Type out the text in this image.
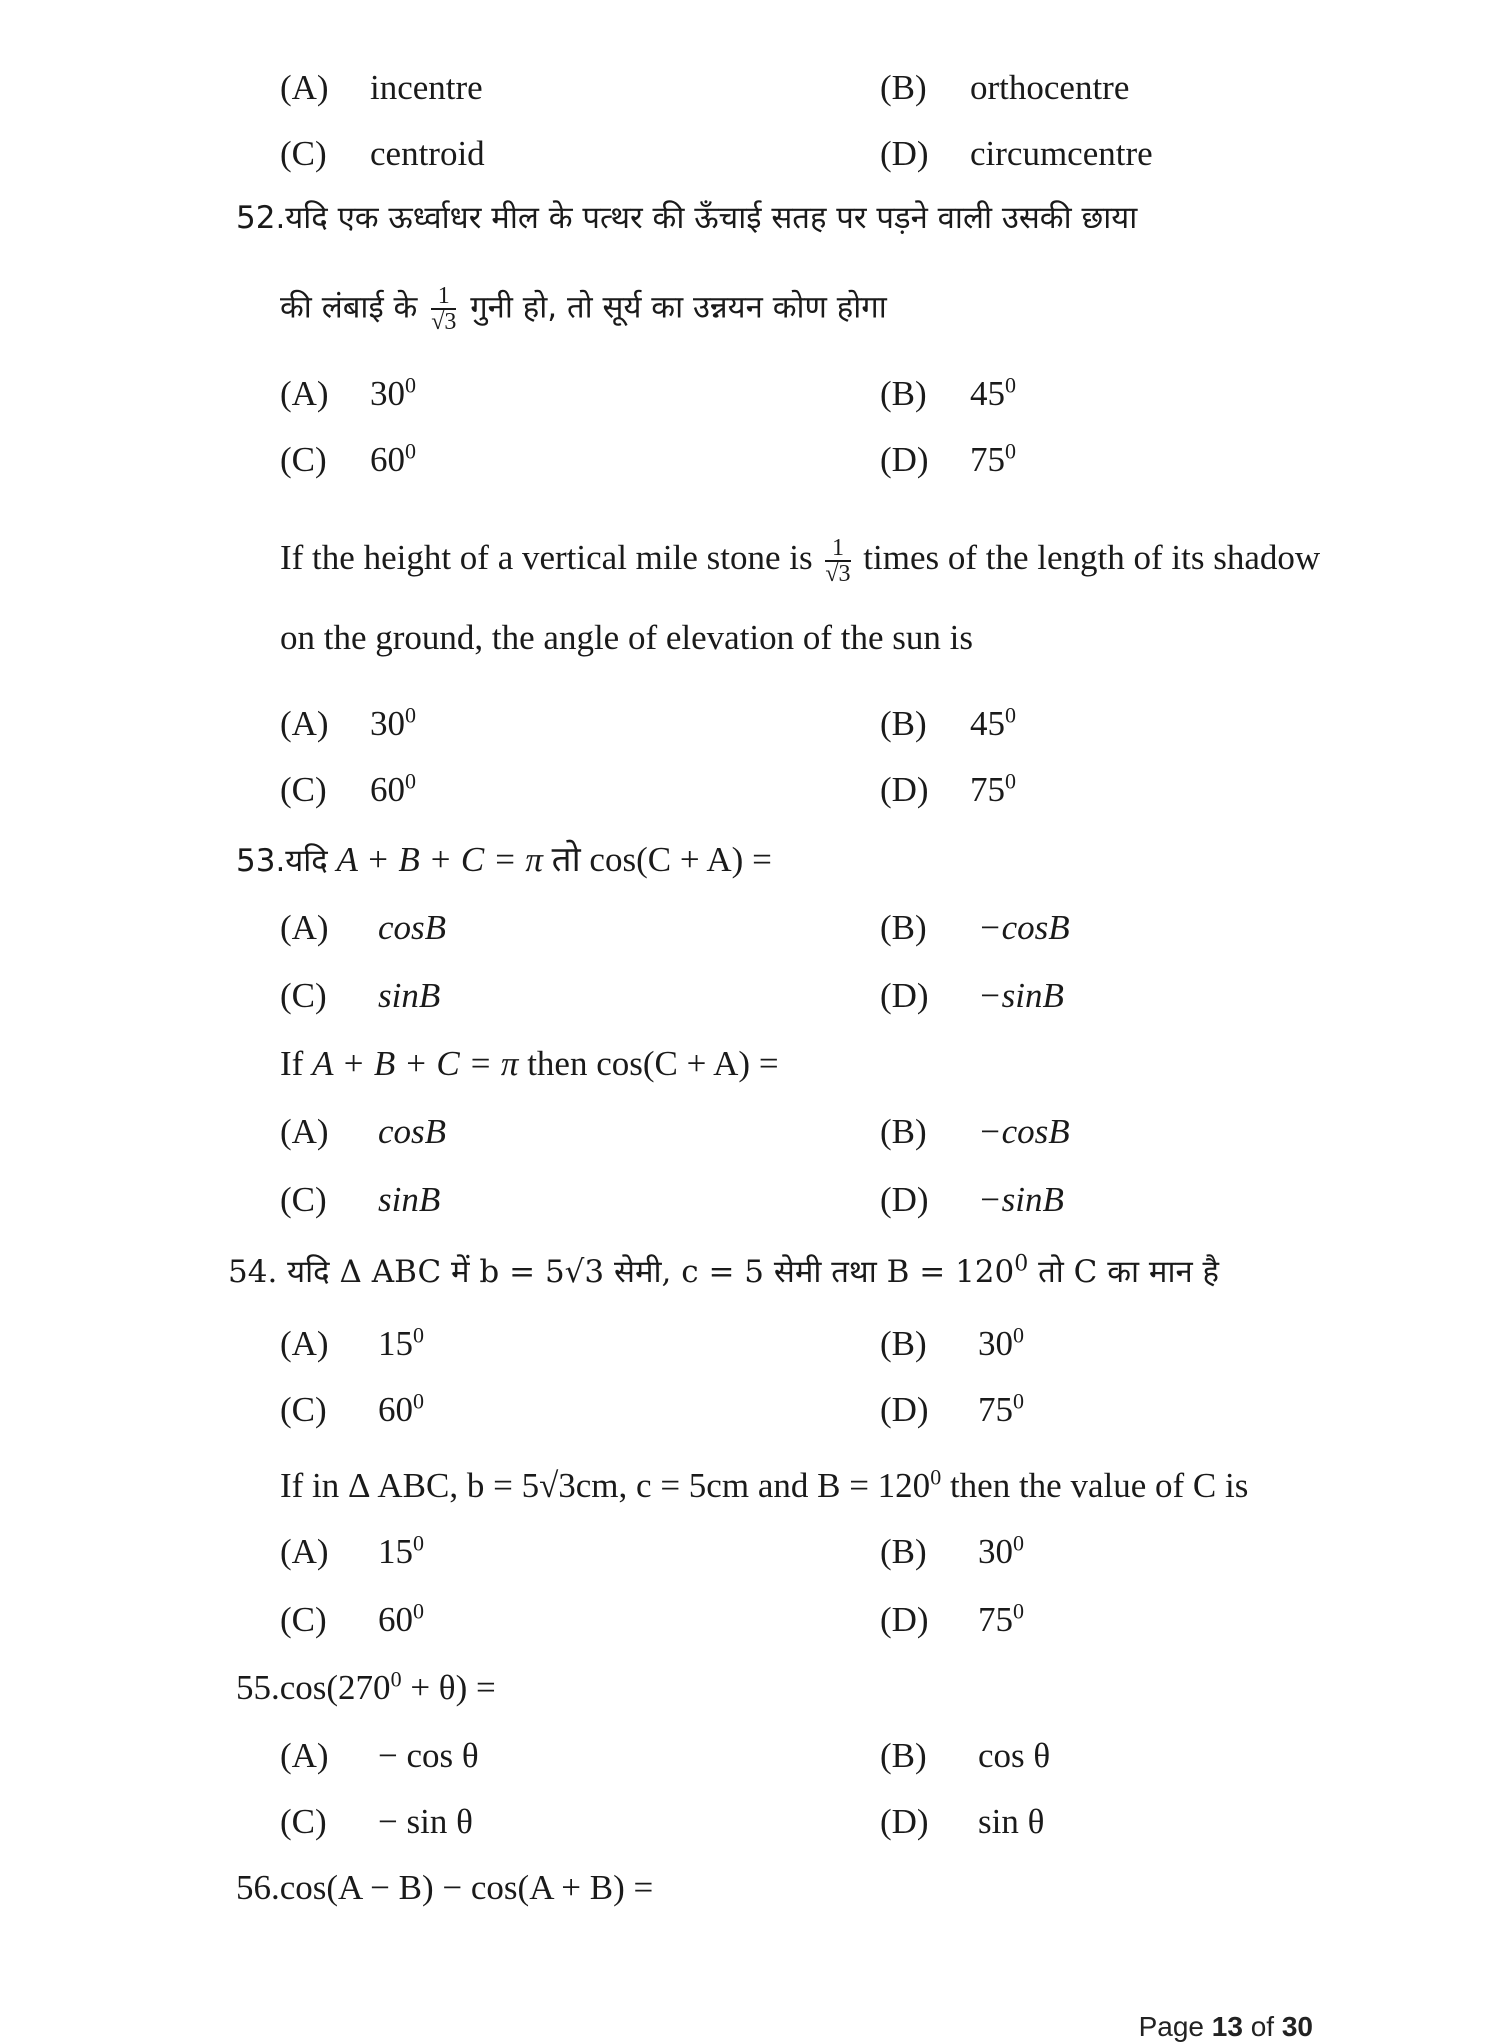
(A) incentre	(B) orthocentre
(C) centroid	(D) circumcentre
52.यदि एक ऊर्ध्वाधर मील के पत्थर की ऊँचाई सतह पर पड़ने वाली उसकी छाया
की लंबाई के $\frac{1}{√3}$ गुनी हो, तो सूर्य का उन्नयन कोण होगा
(A) $30^0$	(B) $45^0$
(C) $60^0$	(D) $75^0$
If the height of a vertical mile stone is $\frac{1}{√3}$ times of the length of its shadow
on the ground, the angle of elevation of the sun is
(A) $30^0$	(B) $45^0$
(C) $60^0$	(D) $75^0$
53.यदि A + B + C = π तो cos(C + A) =
(A) cosB	(B) −cosB
(C) sinB	(D) −sinB
If A + B + C = π then cos(C + A) =
(A) cosB	(B) −cosB
(C) sinB	(D) −sinB
54. यदि Δ ABC में b = 5√3 सेमी, c = 5 सेमी तथा $B = 120^0$ तो C का मान है
(A) $15^0$	(B) $30^0$
(C) $60^0$	(D) $75^0$
If in Δ ABC, b = 5√3cm, c = 5cm and $B = 120^0$ then the value of C is
(A) $15^0$	(B) $30^0$
(C) $60^0$	(D) $75^0$
$55.\cos(270^0 + \theta)$ =
(A) − cos θ	(B) cos θ
(C) − sin θ	(D) sin θ
56.cos(A − B) − cos(A + B) =
Page 13 of 30
